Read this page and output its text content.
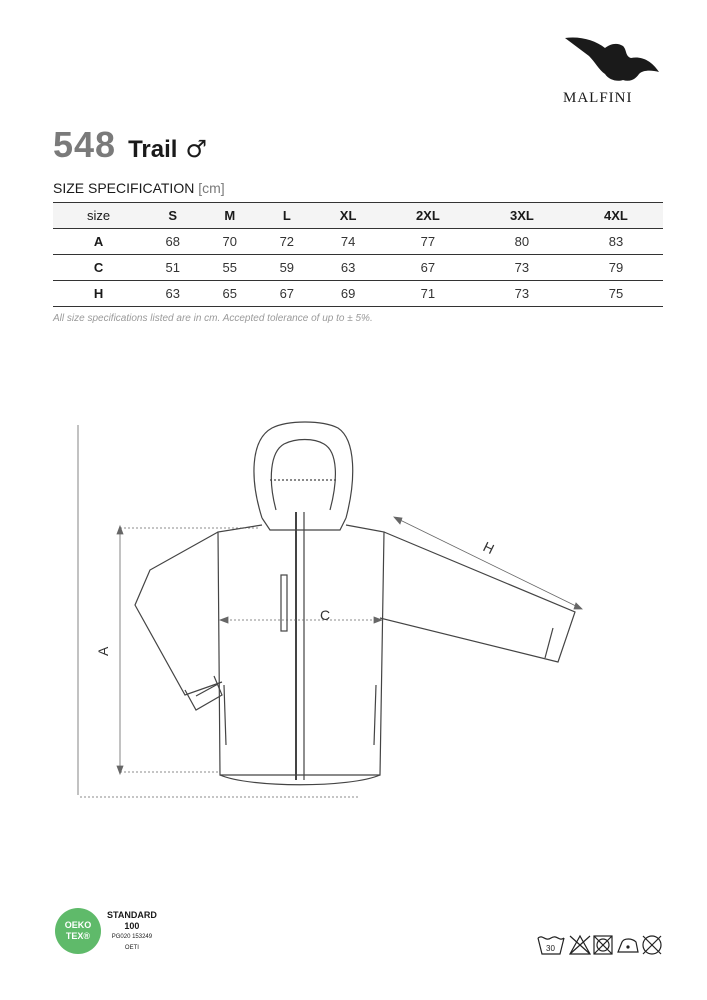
MALFINI
548 Trail ♂
SIZE SPECIFICATION [cm]
size	S	M	L	XL	2XL	3XL	4XL
A	68	70	72	74	77	80	83
C	51	55	59	63	67	73	79
H	63	65	67	69	71	73	75
All size specifications listed are in cm. Accepted tolerance of up to ± 5%.
A
C
H
OEKO
TEX®
STANDARD
100
PG020 153249
OETI	30
